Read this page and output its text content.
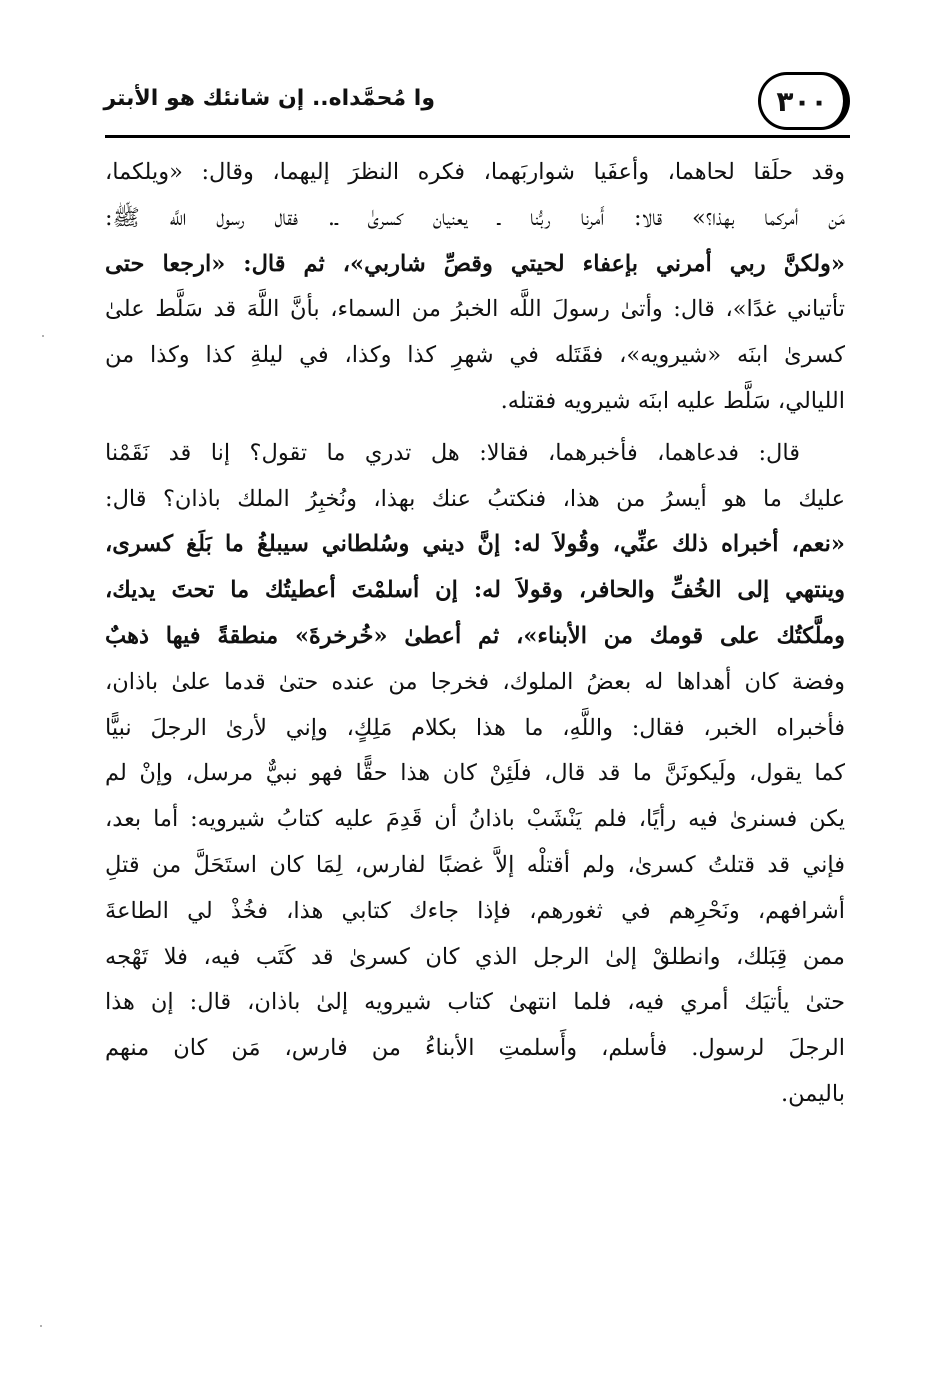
٣٠٠
وا مُحمَّداه.. إن شانئك هو الأبتر

وقد حلَقا لحاهما، وأعفَيا شواربَهما، فكره النظرَ إليهما، وقال: «ويلكما،
مَن أمركما بهذا؟» قالا: أَمرنا ربُّنا ـ يعنيان كسرىٰ ـ. فقال رسول اللَّه ﷺ:
«ولكنَّ ربي أمرني بإعفاء لحيتي وقصِّ شاربي»، ثم قال: «ارجعا حتى
تأتياني غدًا»، قال: وأتىٰ رسولَ اللَّه الخبرُ من السماء، بأنَّ اللَّهَ قد سَلَّط علىٰ
كسرىٰ ابنَه «شيرويه»، فقَتَله في شهرِ كذا وكذا، في ليلةِ كذا وكذا من
الليالي، سَلَّط عليه ابنَه شيرويه فقتله.

قال: فدعاهما، فأخبرهما، فقالا: هل تدري ما تقول؟ إنا قد نَقَمْنا
عليك ما هو أيسرُ من هذا، فنكتبُ عنك بهذا، ونُخبِرُ الملك باذان؟ قال:
«نعم، أخبراه ذلك عنِّي، وقُولاَ له: إنَّ ديني وسُلطاني سيبلغُ ما بَلَغ كسرى،
وينتهي إلى الخُفِّ والحافر، وقولاَ له: إن أسلمْتَ أعطيتُك ما تحتَ يديك،
وملَّكتُك على قومك من الأبناء»، ثم أعطىٰ «خُرخرةَ» منطقةً فيها ذهبٌ
وفضة كان أهداها له بعضُ الملوك، فخرجا من عنده حتىٰ قدما علىٰ باذان،
فأخبراه الخبر، فقال: واللَّهِ، ما هذا بكلام مَلِكٍ، وإني لأرىٰ الرجلَ نبيًّا
كما يقول، ولَيكونَنَّ ما قد قال، فلَئِنْ كان هذا حقًّا فهو نبيٌّ مرسل، وإنْ لم
يكن فسنرىٰ فيه رأيًا، فلم يَنْشَبْ باذانُ أن قَدِمَ عليه كتابُ شيرويه: أما بعد،
فإني قد قتلتُ كسرىٰ، ولم أقتلْه إلاَّ غضبًا لفارس، لِمَا كان استَحَلَّ من قتلِ
أشرافهم، ونَحْرِهم في ثغورهم، فإذا جاءك كتابي هذا، فخُذْ لي الطاعةَ
ممن قِبَلك، وانطلقْ إلىٰ الرجل الذي كان كسرىٰ قد كَتَب فيه، فلا تَهْجه
حتىٰ يأتيَك أمري فيه، فلما انتهىٰ كتاب شيرويه إلىٰ باذان، قال: إن هذا
الرجلَ لرسول. فأسلم، وأَسلمتِ الأبناءُ من فارس، مَن كان منهم
باليمن.
